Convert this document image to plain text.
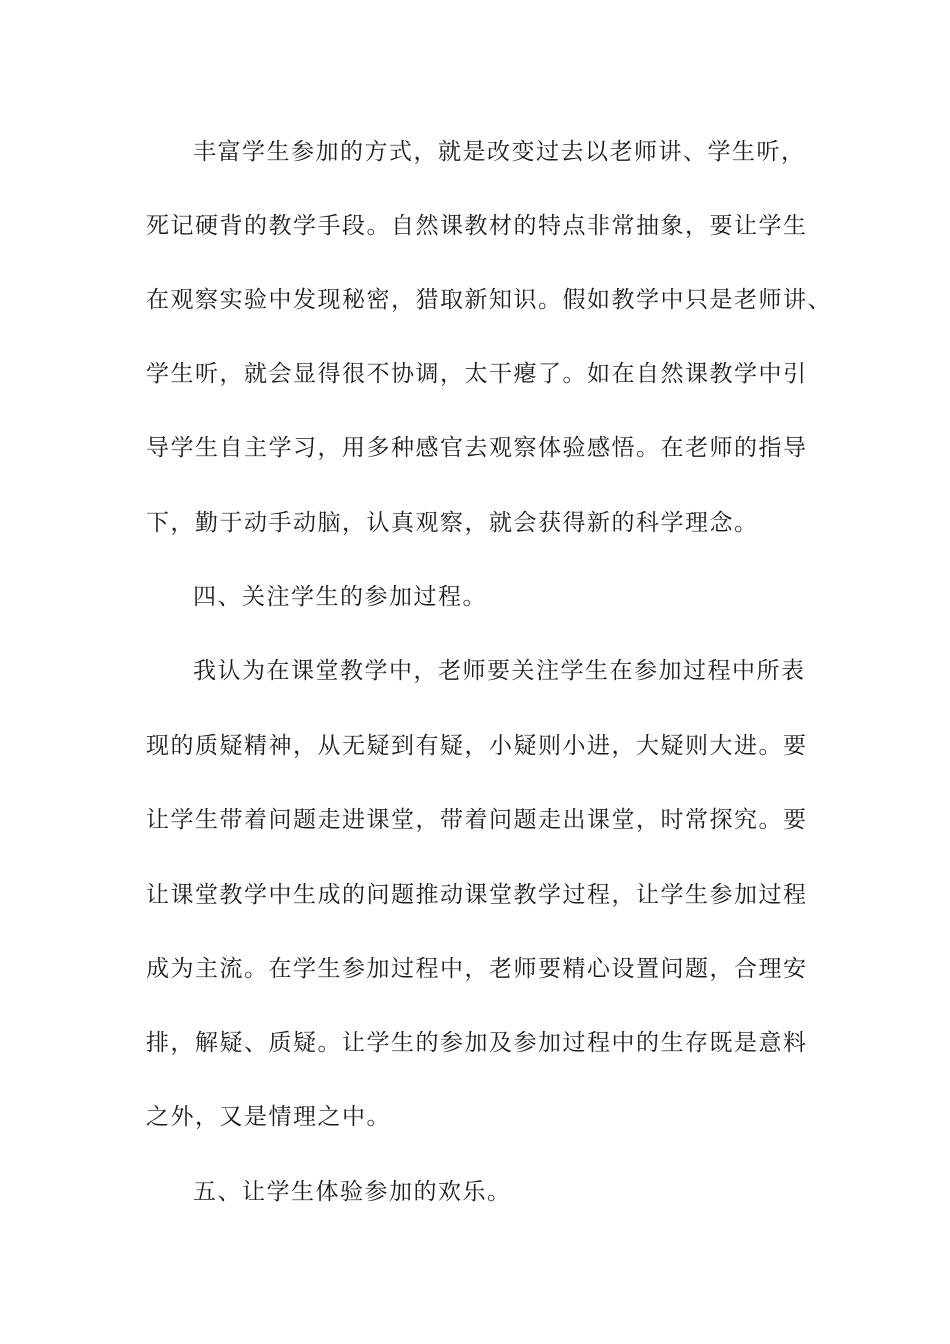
丰富学生参加的方式，就是改变过去以老师讲、学生听，
死记硬背的教学手段。自然课教材的特点非常抽象，要让学生
在观察实验中发现秘密，猎取新知识。假如教学中只是老师讲、
学生听，就会显得很不协调，太干瘪了。如在自然课教学中引
导学生自主学习，用多种感官去观察体验感悟。在老师的指导
下，勤于动手动脑，认真观察，就会获得新的科学理念。
四、关注学生的参加过程。
我认为在课堂教学中，老师要关注学生在参加过程中所表
现的质疑精神，从无疑到有疑，小疑则小进，大疑则大进。要
让学生带着问题走进课堂，带着问题走出课堂，时常探究。要
让课堂教学中生成的问题推动课堂教学过程，让学生参加过程
成为主流。在学生参加过程中，老师要精心设置问题，合理安
排，解疑、质疑。让学生的参加及参加过程中的生存既是意料
之外，又是情理之中。
五、让学生体验参加的欢乐。
